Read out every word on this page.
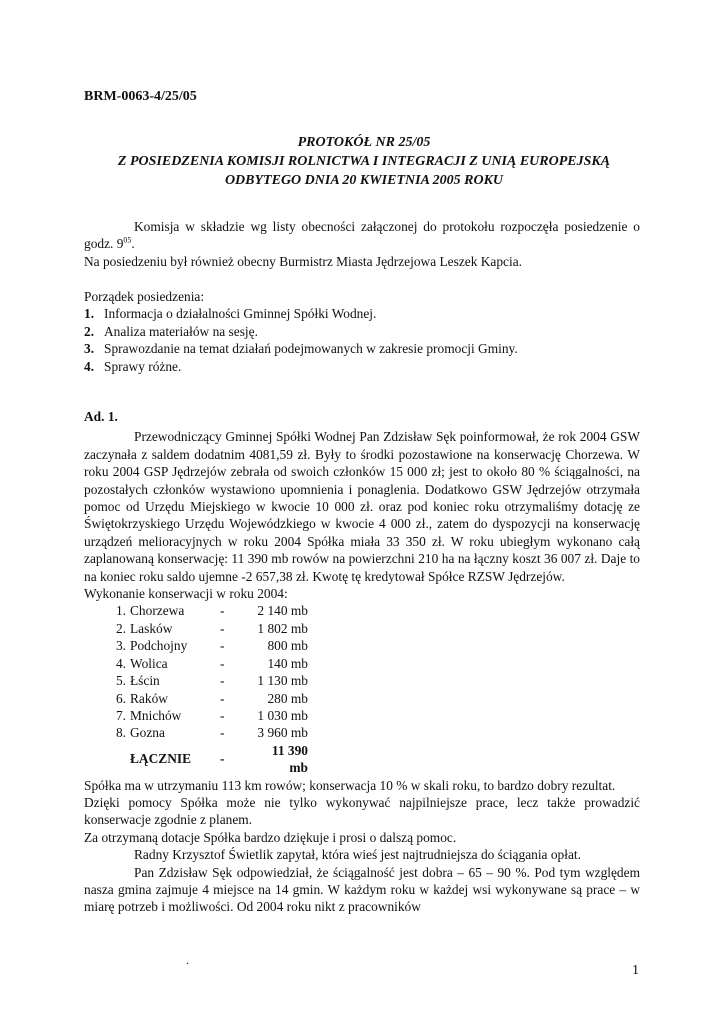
BRM-0063-4/25/05
PROTOKÓŁ NR 25/05
Z POSIEDZENIA KOMISJI ROLNICTWA I INTEGRACJI Z UNIĄ EUROPEJSKĄ
ODBYTEGO DNIA 20 KWIETNIA 2005 ROKU

Komisja w składzie wg listy obecności załączonej do protokołu rozpoczęła posiedzenie o godz. $9^{05}$.

Na posiedzeniu był również obecny Burmistrz Miasta Jędrzejowa Leszek Kapcia.

Porządek posiedzenia:
1. Informacja o działalności Gminnej Spółki Wodnej.
2. Analiza materiałów na sesję.
3. Sprawozdanie na temat działań podejmowanych w zakresie promocji Gminy.
4. Sprawy różne.
Ad. 1.

Przewodniczący Gminnej Spółki Wodnej Pan Zdzisław Sęk poinformował, że rok 2004 GSW zaczynała z saldem dodatnim 4081,59 zł. Były to środki pozostawione na konserwację Chorzewa. W roku 2004 GSP Jędrzejów zebrała od swoich członków 15 000 zł; jest to około 80 % ściągalności, na pozostałych członków wystawiono upomnienia i ponaglenia. Dodatkowo GSW Jędrzejów otrzymała pomoc od Urzędu Miejskiego w kwocie 10 000 zł. oraz pod koniec roku otrzymaliśmy dotację ze Świętokrzyskiego Urzędu Wojewódzkiego w kwocie 4 000 zł., zatem do dyspozycji na konserwację urządzeń melioracyjnych w roku 2004 Spółka miała 33 350 zł. W roku ubiegłym wykonano całą zaplanowaną konserwację: 11 390 mb rowów na powierzchni 210 ha na łączny koszt 36 007 zł. Daje to na koniec roku saldo ujemne -2 657,38 zł. Kwotę tę kredytował Spółce RZSW Jędrzejów.

Wykonanie konserwacji w roku 2004:
1.	Chorzewa	-	2 140 mb
2.	Lasków	-	1 802 mb
3.	Podchojny	-	800 mb
4.	Wolica	-	140 mb
5.	Łścin	-	1 130 mb
6.	Raków	-	280 mb
7.	Mnichów	-	1 030 mb
8.	Gozna	-	3 960 mb
	ŁĄCZNIE	-	11 390 mb

Spółka ma w utrzymaniu 113 km rowów; konserwacja 10 % w skali roku, to bardzo dobry rezultat.

Dzięki pomocy Spółka może nie tylko wykonywać najpilniejsze prace, lecz także prowadzić konserwacje zgodnie z planem.

Za otrzymaną dotacje Spółka bardzo dziękuje i prosi o dalszą pomoc.

Radny Krzysztof Świetlik zapytał, która wieś jest najtrudniejsza do ściągania opłat.

Pan Zdzisław Sęk odpowiedział, że ściągalność jest dobra – 65 – 90 %. Pod tym względem nasza gmina zajmuje 4 miejsce na 14 gmin. W każdym roku w każdej wsi wykonywane są prace – w miarę potrzeb i możliwości. Od 2004 roku nikt z pracowników

.
1
